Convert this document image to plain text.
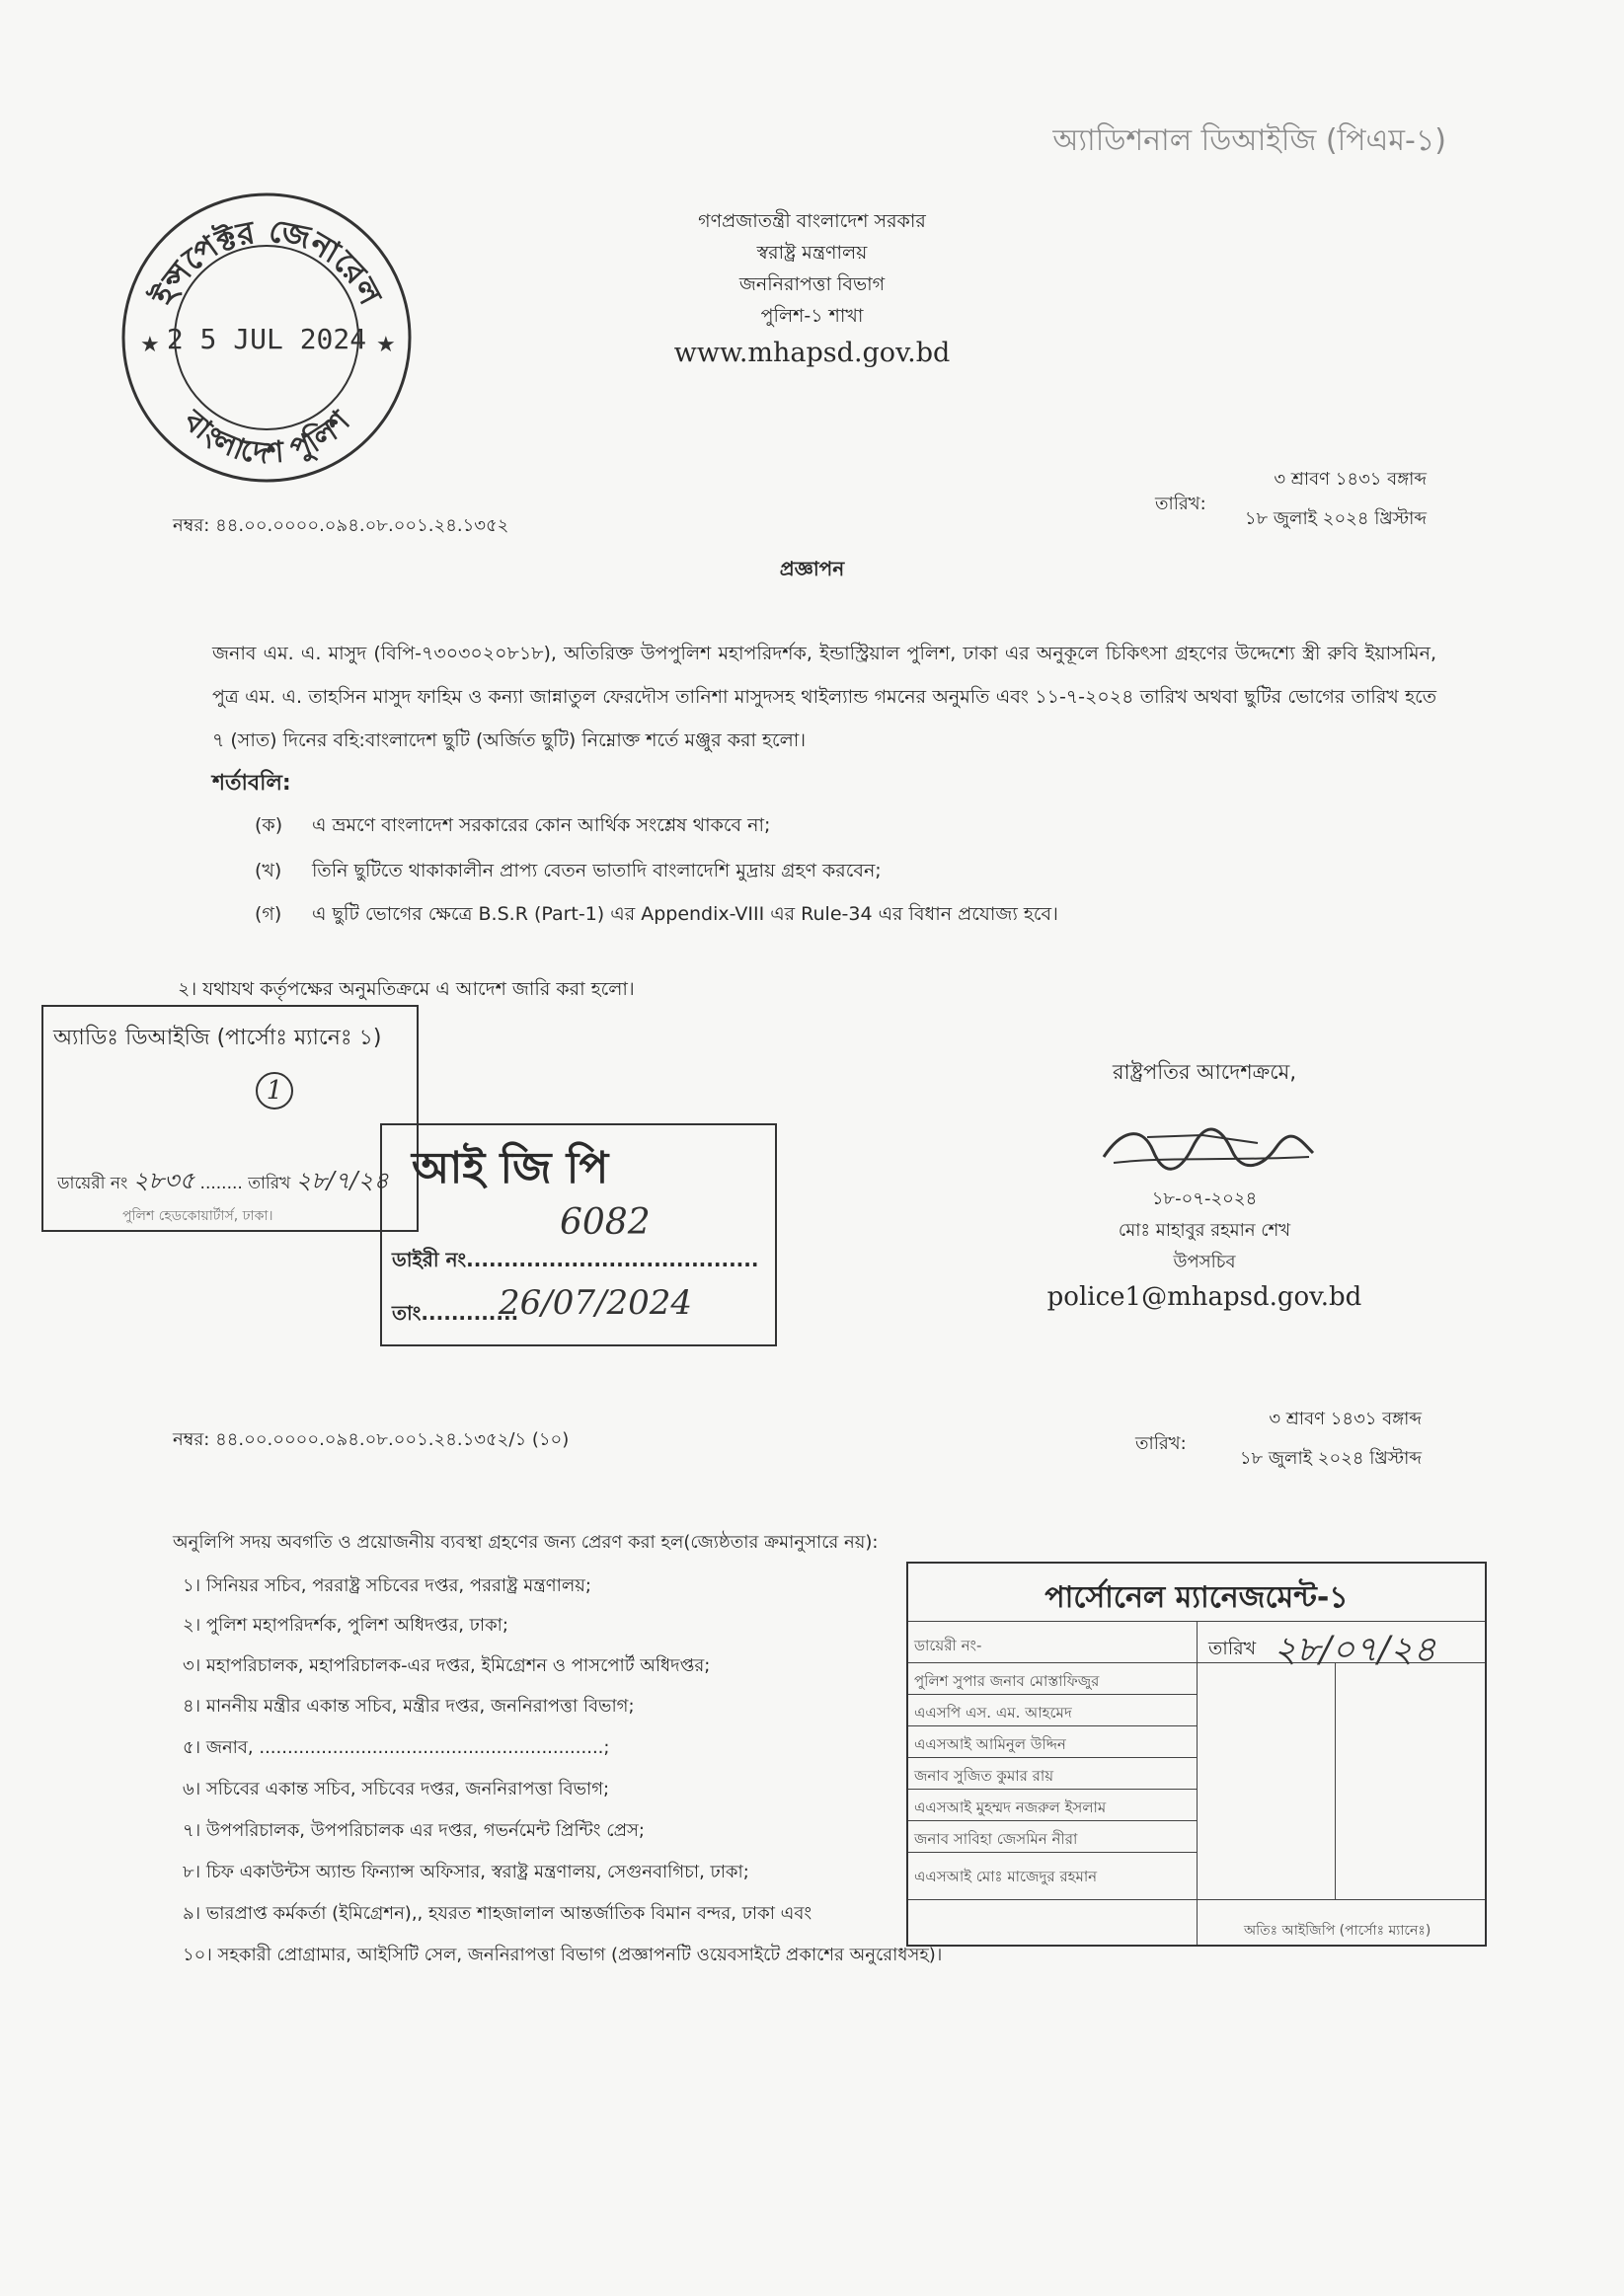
অ্যাডিশনাল ডিআইজি (পিএম-১)
ইন্সপেক্টর জেনারেল
বাংলাদেশ পুলিশ
2 5 JUL 2024
★	★
গণপ্রজাতন্ত্রী বাংলাদেশ সরকার
স্বরাষ্ট্র মন্ত্রণালয়
জননিরাপত্তা বিভাগ
পুলিশ-১ শাখা
www.mhapsd.gov.bd
নম্বর: ৪৪.০০.০০০০.০৯৪.০৮.০০১.২৪.১৩৫২
তারিখ:
৩ শ্রাবণ ১৪৩১ বঙ্গাব্দ
১৮ জুলাই ২০২৪ খ্রিস্টাব্দ
প্রজ্ঞাপন
জনাব এম. এ. মাসুদ (বিপি-৭৩০৩০২০৮১৮), অতিরিক্ত উপপুলিশ মহাপরিদর্শক, ইন্ডাস্ট্রিয়াল পুলিশ, ঢাকা এর অনুকূলে চিকিৎসা গ্রহণের উদ্দেশ্যে স্ত্রী রুবি ইয়াসমিন, পুত্র এম. এ. তাহসিন মাসুদ ফাহিম ও কন্যা জান্নাতুল ফেরদৌস তানিশা মাসুদসহ থাইল্যান্ড গমনের অনুমতি এবং ১১-৭-২০২৪ তারিখ অথবা ছুটির ভোগের তারিখ হতে ৭ (সাত) দিনের বহি:বাংলাদেশ ছুটি (অর্জিত ছুটি) নিম্নোক্ত শর্তে মঞ্জুর করা হলো।
শর্তাবলি:
(ক) এ ভ্রমণে বাংলাদেশ সরকারের কোন আর্থিক সংশ্লেষ থাকবে না;
(খ) তিনি ছুটিতে থাকাকালীন প্রাপ্য বেতন ভাতাদি বাংলাদেশি মুদ্রায় গ্রহণ করবেন;
(গ) এ ছুটি ভোগের ক্ষেত্রে B.S.R (Part-1) এর Appendix-VIII এর Rule-34 এর বিধান প্রযোজ্য হবে।
২। যথাযথ কর্তৃপক্ষের অনুমতিক্রমে এ আদেশ জারি করা হলো।
অ্যাডিঃ ডিআইজি (পার্সোঃ ম্যানেঃ ১)
1
ডায়েরী নং ২৮৩৫ ........ তারিখ ২৮/৭/২৪
পুলিশ হেডকোয়ার্টার্স, ঢাকা।
আই জি পি
6082
ডাইরী নং.......................................
তাং.............
26/07/2024
রাষ্ট্রপতির আদেশক্রমে,
১৮-০৭-২০২৪
মোঃ মাহাবুর রহমান শেখ
উপসচিব
police1@mhapsd.gov.bd
নম্বর: ৪৪.০০.০০০০.০৯৪.০৮.০০১.২৪.১৩৫২/১ (১০)	তারিখ:
৩ শ্রাবণ ১৪৩১ বঙ্গাব্দ
১৮ জুলাই ২০২৪ খ্রিস্টাব্দ
অনুলিপি সদয় অবগতি ও প্রয়োজনীয় ব্যবস্থা গ্রহণের জন্য প্রেরণ করা হল(জ্যেষ্ঠতার ক্রমানুসারে নয়):
১। সিনিয়র সচিব, পররাষ্ট্র সচিবের দপ্তর, পররাষ্ট্র মন্ত্রণালয়;
২। পুলিশ মহাপরিদর্শক, পুলিশ অধিদপ্তর, ঢাকা;
৩। মহাপরিচালক, মহাপরিচালক-এর দপ্তর, ইমিগ্রেশন ও পাসপোর্ট অধিদপ্তর;
৪। মাননীয় মন্ত্রীর একান্ত সচিব, মন্ত্রীর দপ্তর, জননিরাপত্তা বিভাগ;
৫। জনাব, .............................................................;
৬। সচিবের একান্ত সচিব, সচিবের দপ্তর, জননিরাপত্তা বিভাগ;
৭। উপপরিচালক, উপপরিচালক এর দপ্তর, গভর্নমেন্ট প্রিন্টিং প্রেস;
৮। চিফ একাউন্টস অ্যান্ড ফিন্যান্স অফিসার, স্বরাষ্ট্র মন্ত্রণালয়, সেগুনবাগিচা, ঢাকা;
৯। ভারপ্রাপ্ত কর্মকর্তা (ইমিগ্রেশন),, হযরত শাহজালাল আন্তর্জাতিক বিমান বন্দর, ঢাকা এবং
১০। সহকারী প্রোগ্রামার, আইসিটি সেল, জননিরাপত্তা বিভাগ (প্রজ্ঞাপনটি ওয়েবসাইটে প্রকাশের অনুরোধসহ)।
পার্সোনেল ম্যানেজমেন্ট-১
ডায়েরী নং-
পুলিশ সুপার জনাব মোস্তাফিজুর
এএসপি এস. এম. আহমেদ
এএসআই আমিনুল উদ্দিন
জনাব সুজিত কুমার রায়
এএসআই মুহম্মদ নজরুল ইসলাম
জনাব সাবিহা জেসমিন নীরা
এএসআই মোঃ মাজেদুর রহমান
তারিখ ২৮/০৭/২৪
অতিঃ আইজিপি (পার্সোঃ ম্যানেঃ)
